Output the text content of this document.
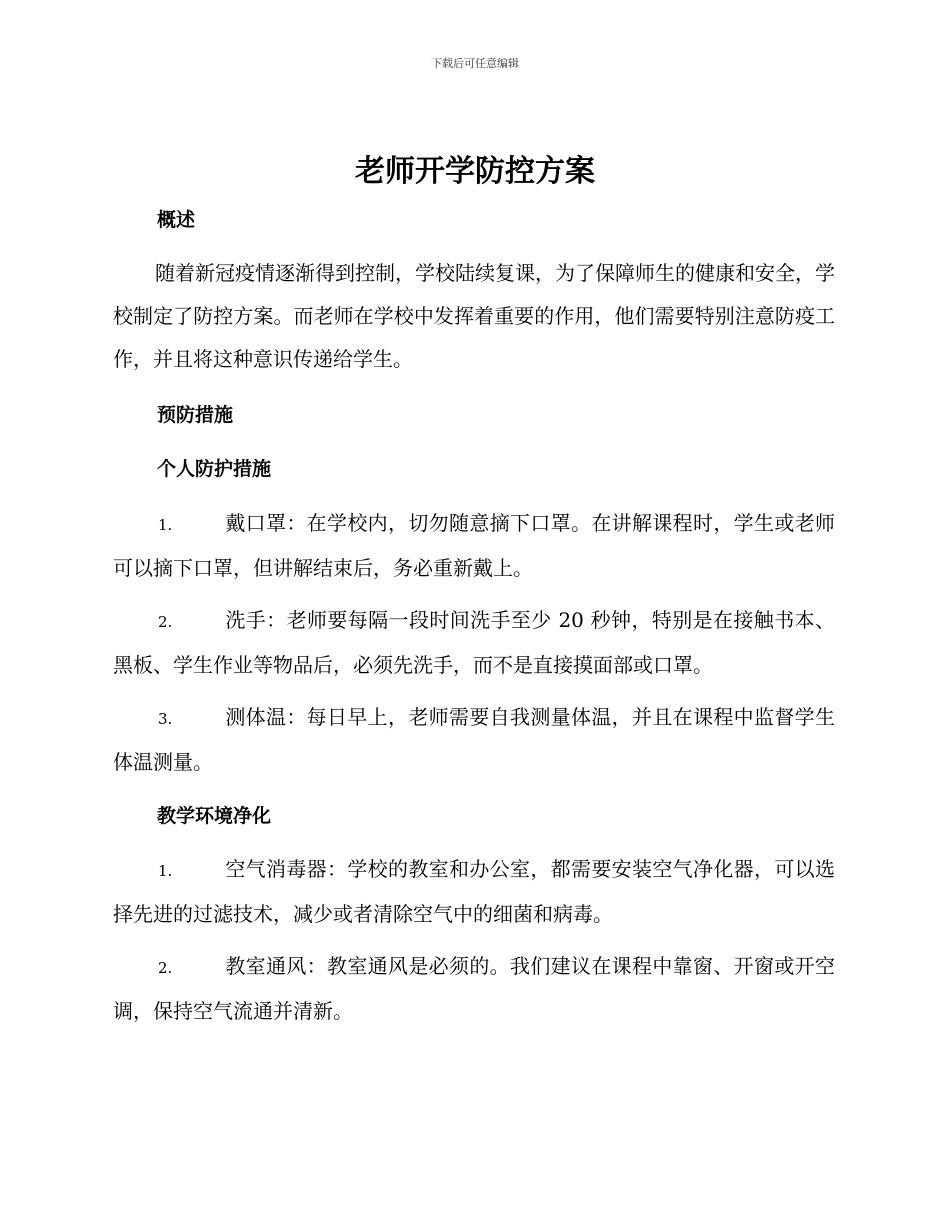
下载后可任意编辑
老师开学防控方案
概述
随着新冠疫情逐渐得到控制，学校陆续复课，为了保障师生的健康和安全，学校制定了防控方案。而老师在学校中发挥着重要的作用，他们需要特别注意防疫工作，并且将这种意识传递给学生。
预防措施
个人防护措施
1.	戴口罩：在学校内，切勿随意摘下口罩。在讲解课程时，学生或老师可以摘下口罩，但讲解结束后，务必重新戴上。
2.	洗手：老师要每隔一段时间洗手至少 20 秒钟，特别是在接触书本、黑板、学生作业等物品后，必须先洗手，而不是直接摸面部或口罩。
3.	测体温：每日早上，老师需要自我测量体温，并且在课程中监督学生体温测量。
教学环境净化
1.	空气消毒器：学校的教室和办公室，都需要安装空气净化器，可以选择先进的过滤技术，减少或者清除空气中的细菌和病毒。
2.	教室通风：教室通风是必须的。我们建议在课程中靠窗、开窗或开空调，保持空气流通并清新。
